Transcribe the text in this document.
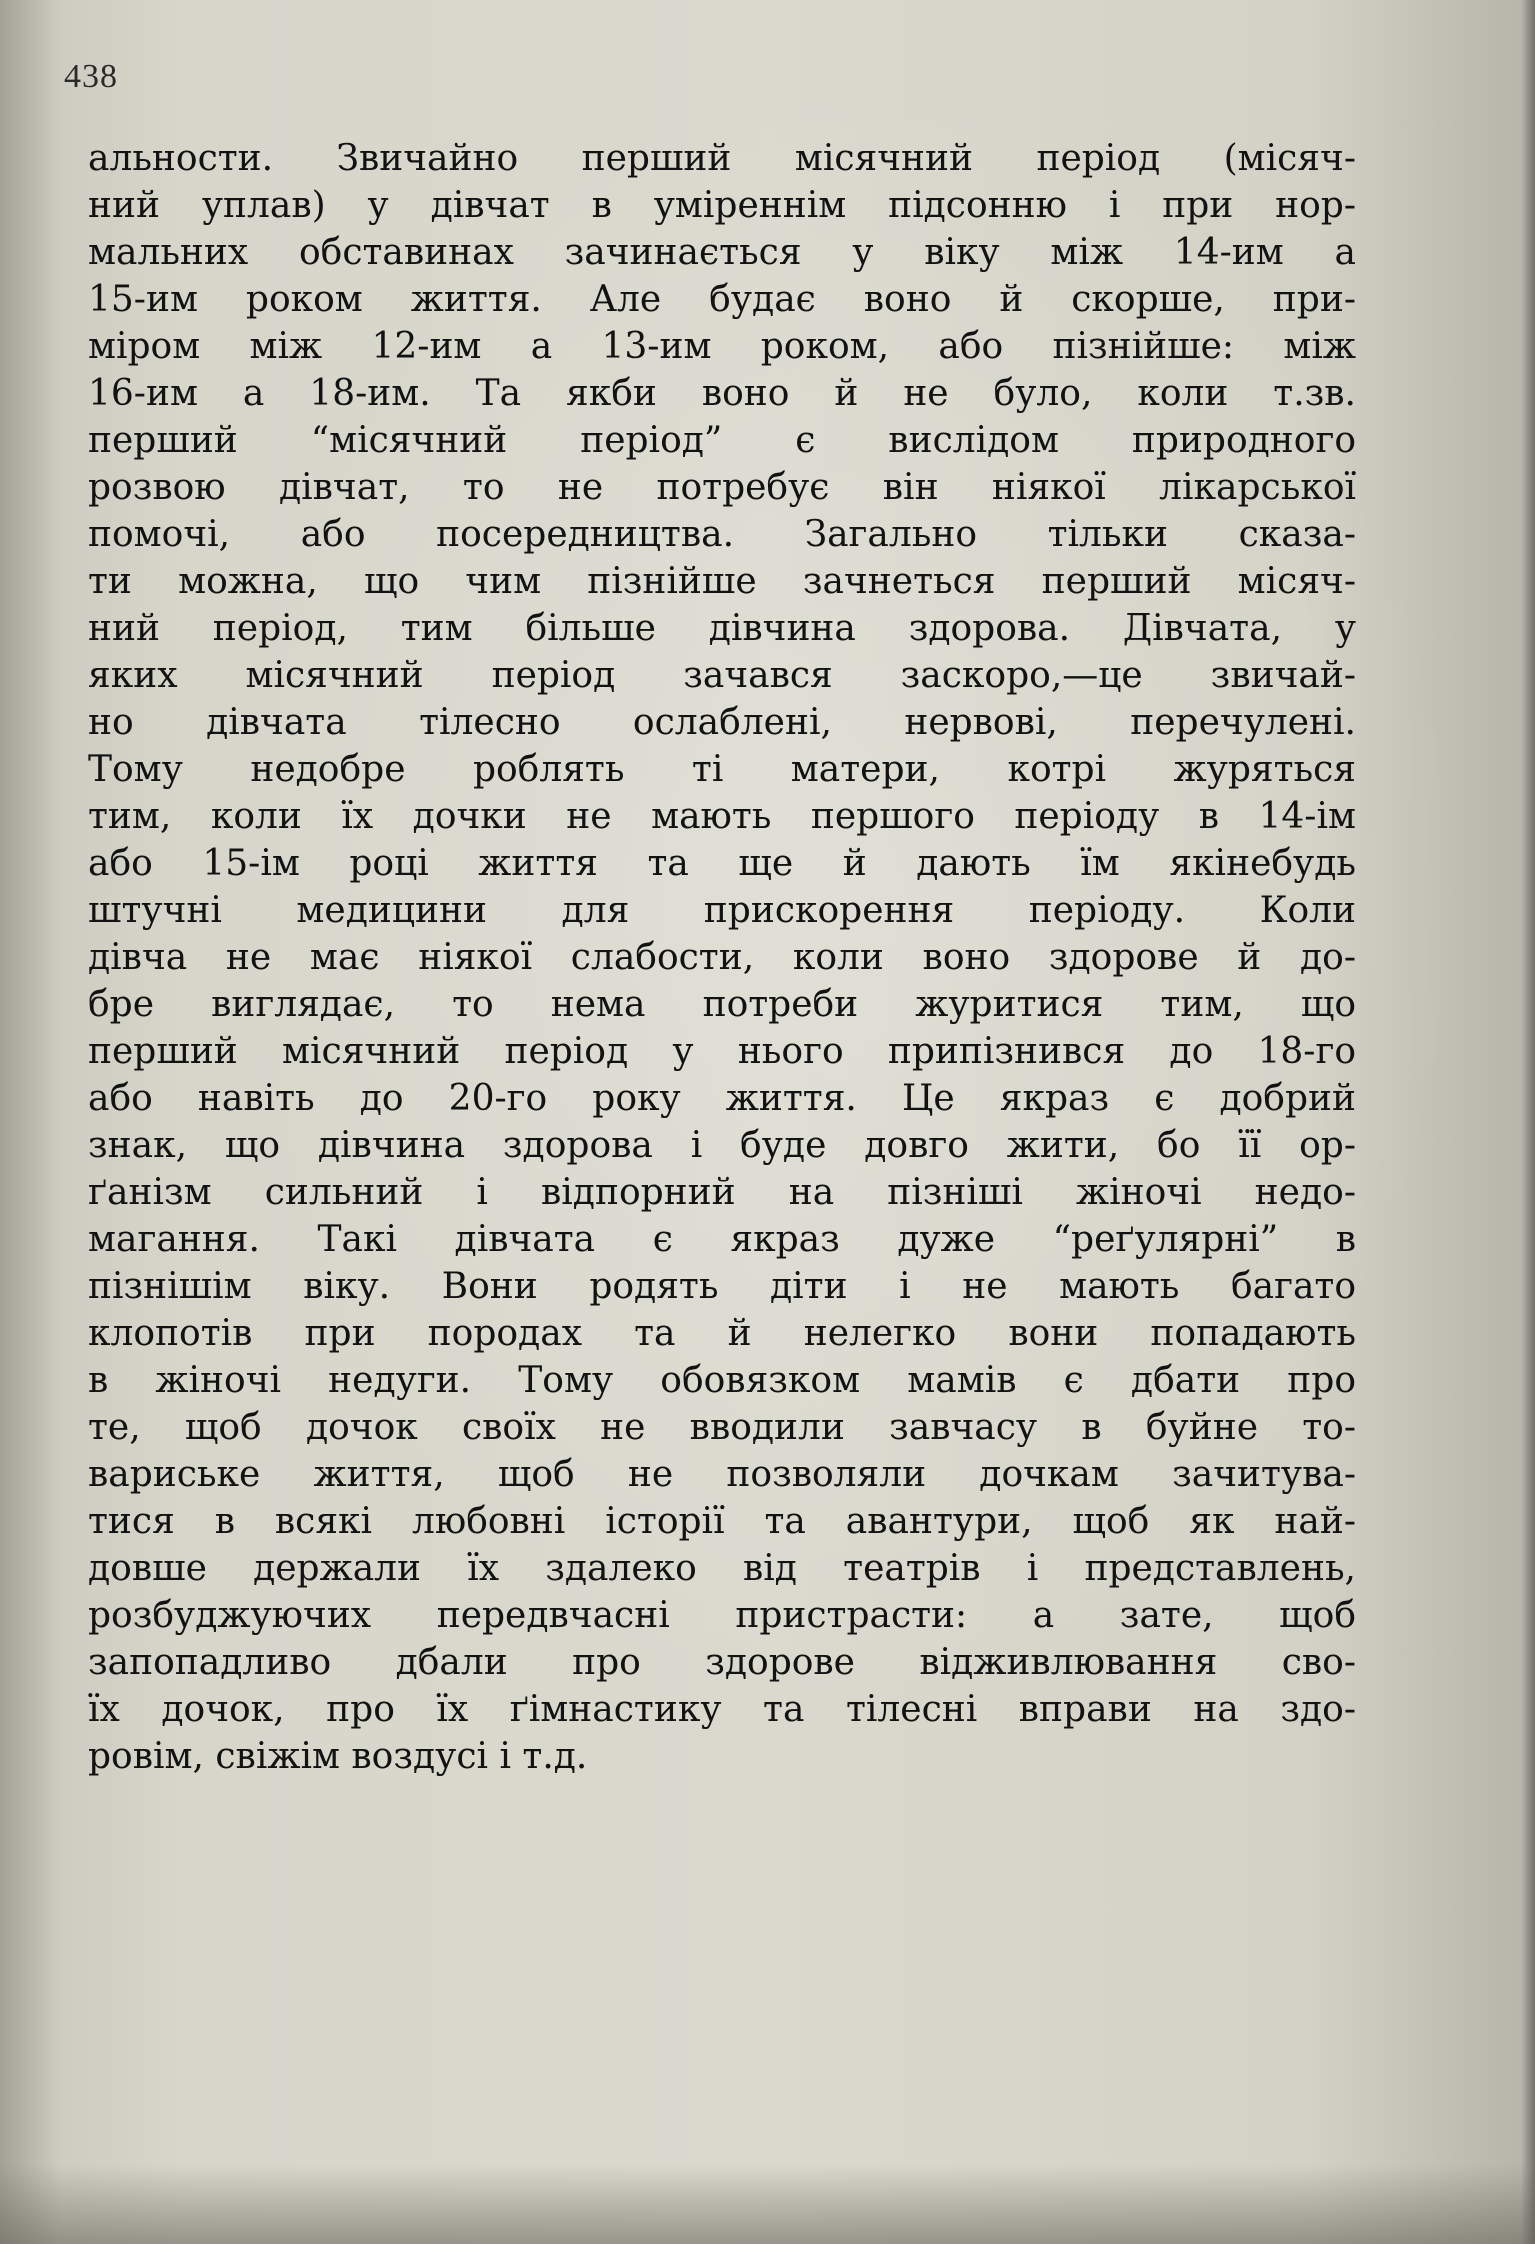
438
альности. Звичайно перший місячний період (місяч-
ний уплав) у дівчат в уміреннім підсонню і при нор-
мальних обставинах зачинається у віку між 14-им а
15-им роком життя. Але будає воно й скорше, при-
міром між 12-им а 13-им роком, або пізнійше: між
16-им а 18-им. Та якби воно й не було, коли т.зв.
перший “місячний період” є вислідом природного
розвою дівчат, то не потребує він ніякої лікарської
помочі, або посередництва. Загально тільки сказа-
ти можна, що чим пізнійше зачнеться перший місяч-
ний період, тим більше дівчина здорова. Дівчата, у
яких місячний період зачався заскоро,—це звичай-
но дівчата тілесно ослаблені, нервові, перечулені.
Тому недобре роблять ті матери, котрі журяться
тим, коли їх дочки не мають першого періоду в 14-ім
або 15-ім році життя та ще й дають їм якінебудь
штучні медицини для прискорення періоду. Коли
дівча не має ніякої слабости, коли воно здорове й до-
бре виглядає, то нема потреби журитися тим, що
перший місячний період у нього припізнився до 18-го
або навіть до 20-го року життя. Це якраз є добрий
знак, що дівчина здорова і буде довго жити, бо її ор-
ґанізм сильний і відпорний на пізніші жіночі недо-
магання. Такі дівчата є якраз дуже “реґулярні” в
пізнішім віку. Вони родять діти і не мають багато
клопотів при породах та й нелегко вони попадають
в жіночі недуги. Тому обовязком мамів є дбати про
те, щоб дочок своїх не вводили завчасу в буйне то-
вариське життя, щоб не позволяли дочкам зачитува-
тися в всякі любовні історії та авантури, щоб як най-
довше держали їх здалеко від театрів і представлень,
розбуджуючих передвчасні пристрасти: а зате, щоб
запопадливо дбали про здорове відживлювання сво-
їх дочок, про їх ґімнастику та тілесні вправи на здо-
ровім, свіжім воздусі і т.д.
